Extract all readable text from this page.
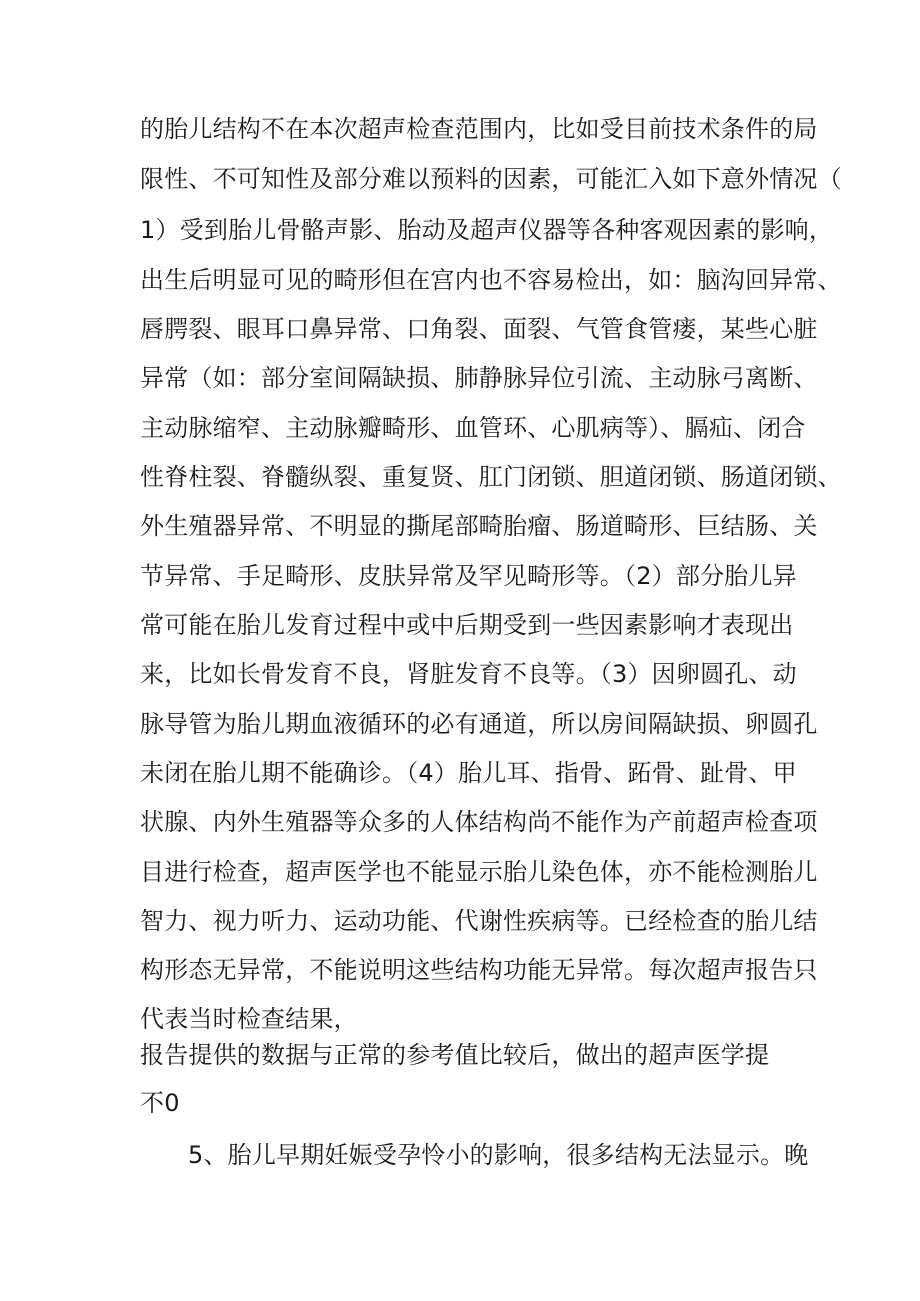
的胎儿结构不在本次超声检查范围内，比如受目前技术条件的局
限性、不可知性及部分难以预料的因素，可能汇入如下意外情况（
1）受到胎儿骨骼声影、胎动及超声仪器等各种客观因素的影响，
出生后明显可见的畸形但在宫内也不容易检出，如：脑沟回异常、
唇腭裂、眼耳口鼻异常、口角裂、面裂、气管食管瘘，某些心脏
异常（如：部分室间隔缺损、肺静脉异位引流、主动脉弓离断、
主动脉缩窄、主动脉瓣畸形、血管环、心肌病等）、膈疝、闭合
性脊柱裂、脊髓纵裂、重复贤、肛门闭锁、胆道闭锁、肠道闭锁、
外生殖器异常、不明显的撕尾部畸胎瘤、肠道畸形、巨结肠、关
节异常、手足畸形、皮肤异常及罕见畸形等。（2）部分胎儿异
常可能在胎儿发育过程中或中后期受到一些因素影响才表现出
来，比如长骨发育不良，肾脏发育不良等。（3）因卵圆孔、动
脉导管为胎儿期血液循环的必有通道，所以房间隔缺损、卵圆孔
未闭在胎儿期不能确诊。（4）胎儿耳、指骨、跖骨、趾骨、甲
状腺、内外生殖器等众多的人体结构尚不能作为产前超声检查项
目进行检查，超声医学也不能显示胎儿染色体，亦不能检测胎儿
智力、视力听力、运动功能、代谢性疾病等。已经检查的胎儿结
构形态无异常，不能说明这些结构功能无异常。每次超声报告只
代表当时检查结果，
报告提供的数据与正常的参考值比较后，做出的超声医学提
不0
5、胎儿早期妊娠受孕怜小的影响，很多结构无法显示。晚
